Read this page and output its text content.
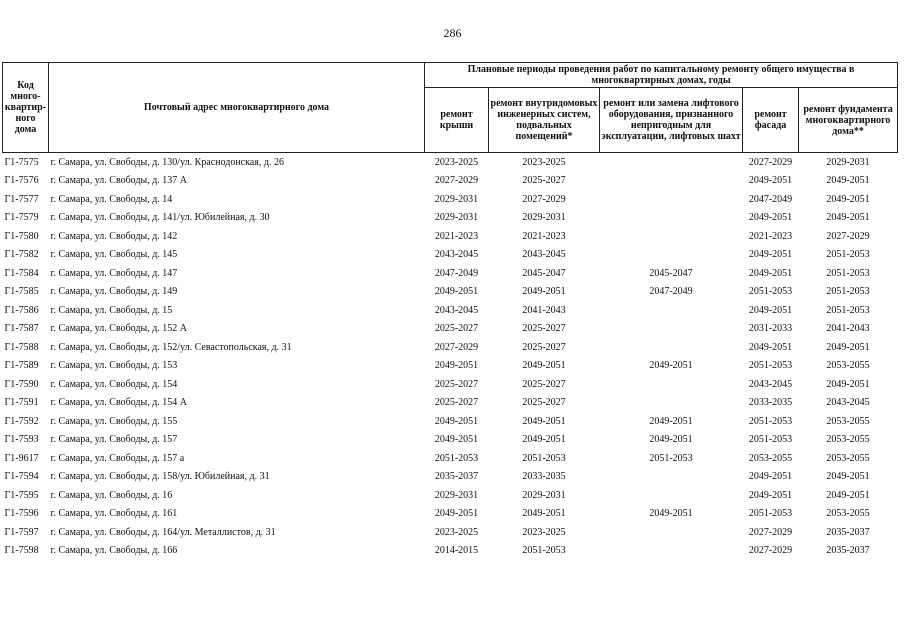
286
Код много-квартир-ного дома	Почтовый адрес многоквартирного дома	Плановые периоды проведения работ по капитальному ремонту общего имущества в многоквартирных домах, годы				
		ремонт крыши	ремонт внутридомовых инженерных систем, подвальных помещений*	ремонт или замена лифтового оборудования, признанного непригодным для эксплуатации, лифтовых шахт	ремонт фасада	ремонт фундамента многоквартирного дома**
Г1-7575	г. Самара, ул. Свободы, д. 130/ул. Краснодонская, д. 26	2023-2025	2023-2025		2027-2029	2029-2031
Г1-7576	г. Самара, ул. Свободы, д. 137 А	2027-2029	2025-2027		2049-2051	2049-2051
Г1-7577	г. Самара, ул. Свободы, д. 14	2029-2031	2027-2029		2047-2049	2049-2051
Г1-7579	г. Самара, ул. Свободы, д. 141/ул. Юбилейная, д. 30	2029-2031	2029-2031		2049-2051	2049-2051
Г1-7580	г. Самара, ул. Свободы, д. 142	2021-2023	2021-2023		2021-2023	2027-2029
Г1-7582	г. Самара, ул. Свободы, д. 145	2043-2045	2043-2045		2049-2051	2051-2053
Г1-7584	г. Самара, ул. Свободы, д. 147	2047-2049	2045-2047	2045-2047	2049-2051	2051-2053
Г1-7585	г. Самара, ул. Свободы, д. 149	2049-2051	2049-2051	2047-2049	2051-2053	2051-2053
Г1-7586	г. Самара, ул. Свободы, д. 15	2043-2045	2041-2043		2049-2051	2051-2053
Г1-7587	г. Самара, ул. Свободы, д. 152 А	2025-2027	2025-2027		2031-2033	2041-2043
Г1-7588	г. Самара, ул. Свободы, д. 152/ул. Севастопольская, д. 31	2027-2029	2025-2027		2049-2051	2049-2051
Г1-7589	г. Самара, ул. Свободы, д. 153	2049-2051	2049-2051	2049-2051	2051-2053	2053-2055
Г1-7590	г. Самара, ул. Свободы, д. 154	2025-2027	2025-2027		2043-2045	2049-2051
Г1-7591	г. Самара, ул. Свободы, д. 154 А	2025-2027	2025-2027		2033-2035	2043-2045
Г1-7592	г. Самара, ул. Свободы, д. 155	2049-2051	2049-2051	2049-2051	2051-2053	2053-2055
Г1-7593	г. Самара, ул. Свободы, д. 157	2049-2051	2049-2051	2049-2051	2051-2053	2053-2055
Г1-9617	г. Самара, ул. Свободы, д. 157 а	2051-2053	2051-2053	2051-2053	2053-2055	2053-2055
Г1-7594	г. Самара, ул. Свободы, д. 158/ул. Юбилейная, д. 31	2035-2037	2033-2035		2049-2051	2049-2051
Г1-7595	г. Самара, ул. Свободы, д. 16	2029-2031	2029-2031		2049-2051	2049-2051
Г1-7596	г. Самара, ул. Свободы, д. 161	2049-2051	2049-2051	2049-2051	2051-2053	2053-2055
Г1-7597	г. Самара, ул. Свободы, д. 164/ул. Металлистов, д. 31	2023-2025	2023-2025		2027-2029	2035-2037
Г1-7598	г. Самара, ул. Свободы, д. 166	2014-2015	2051-2053		2027-2029	2035-2037
